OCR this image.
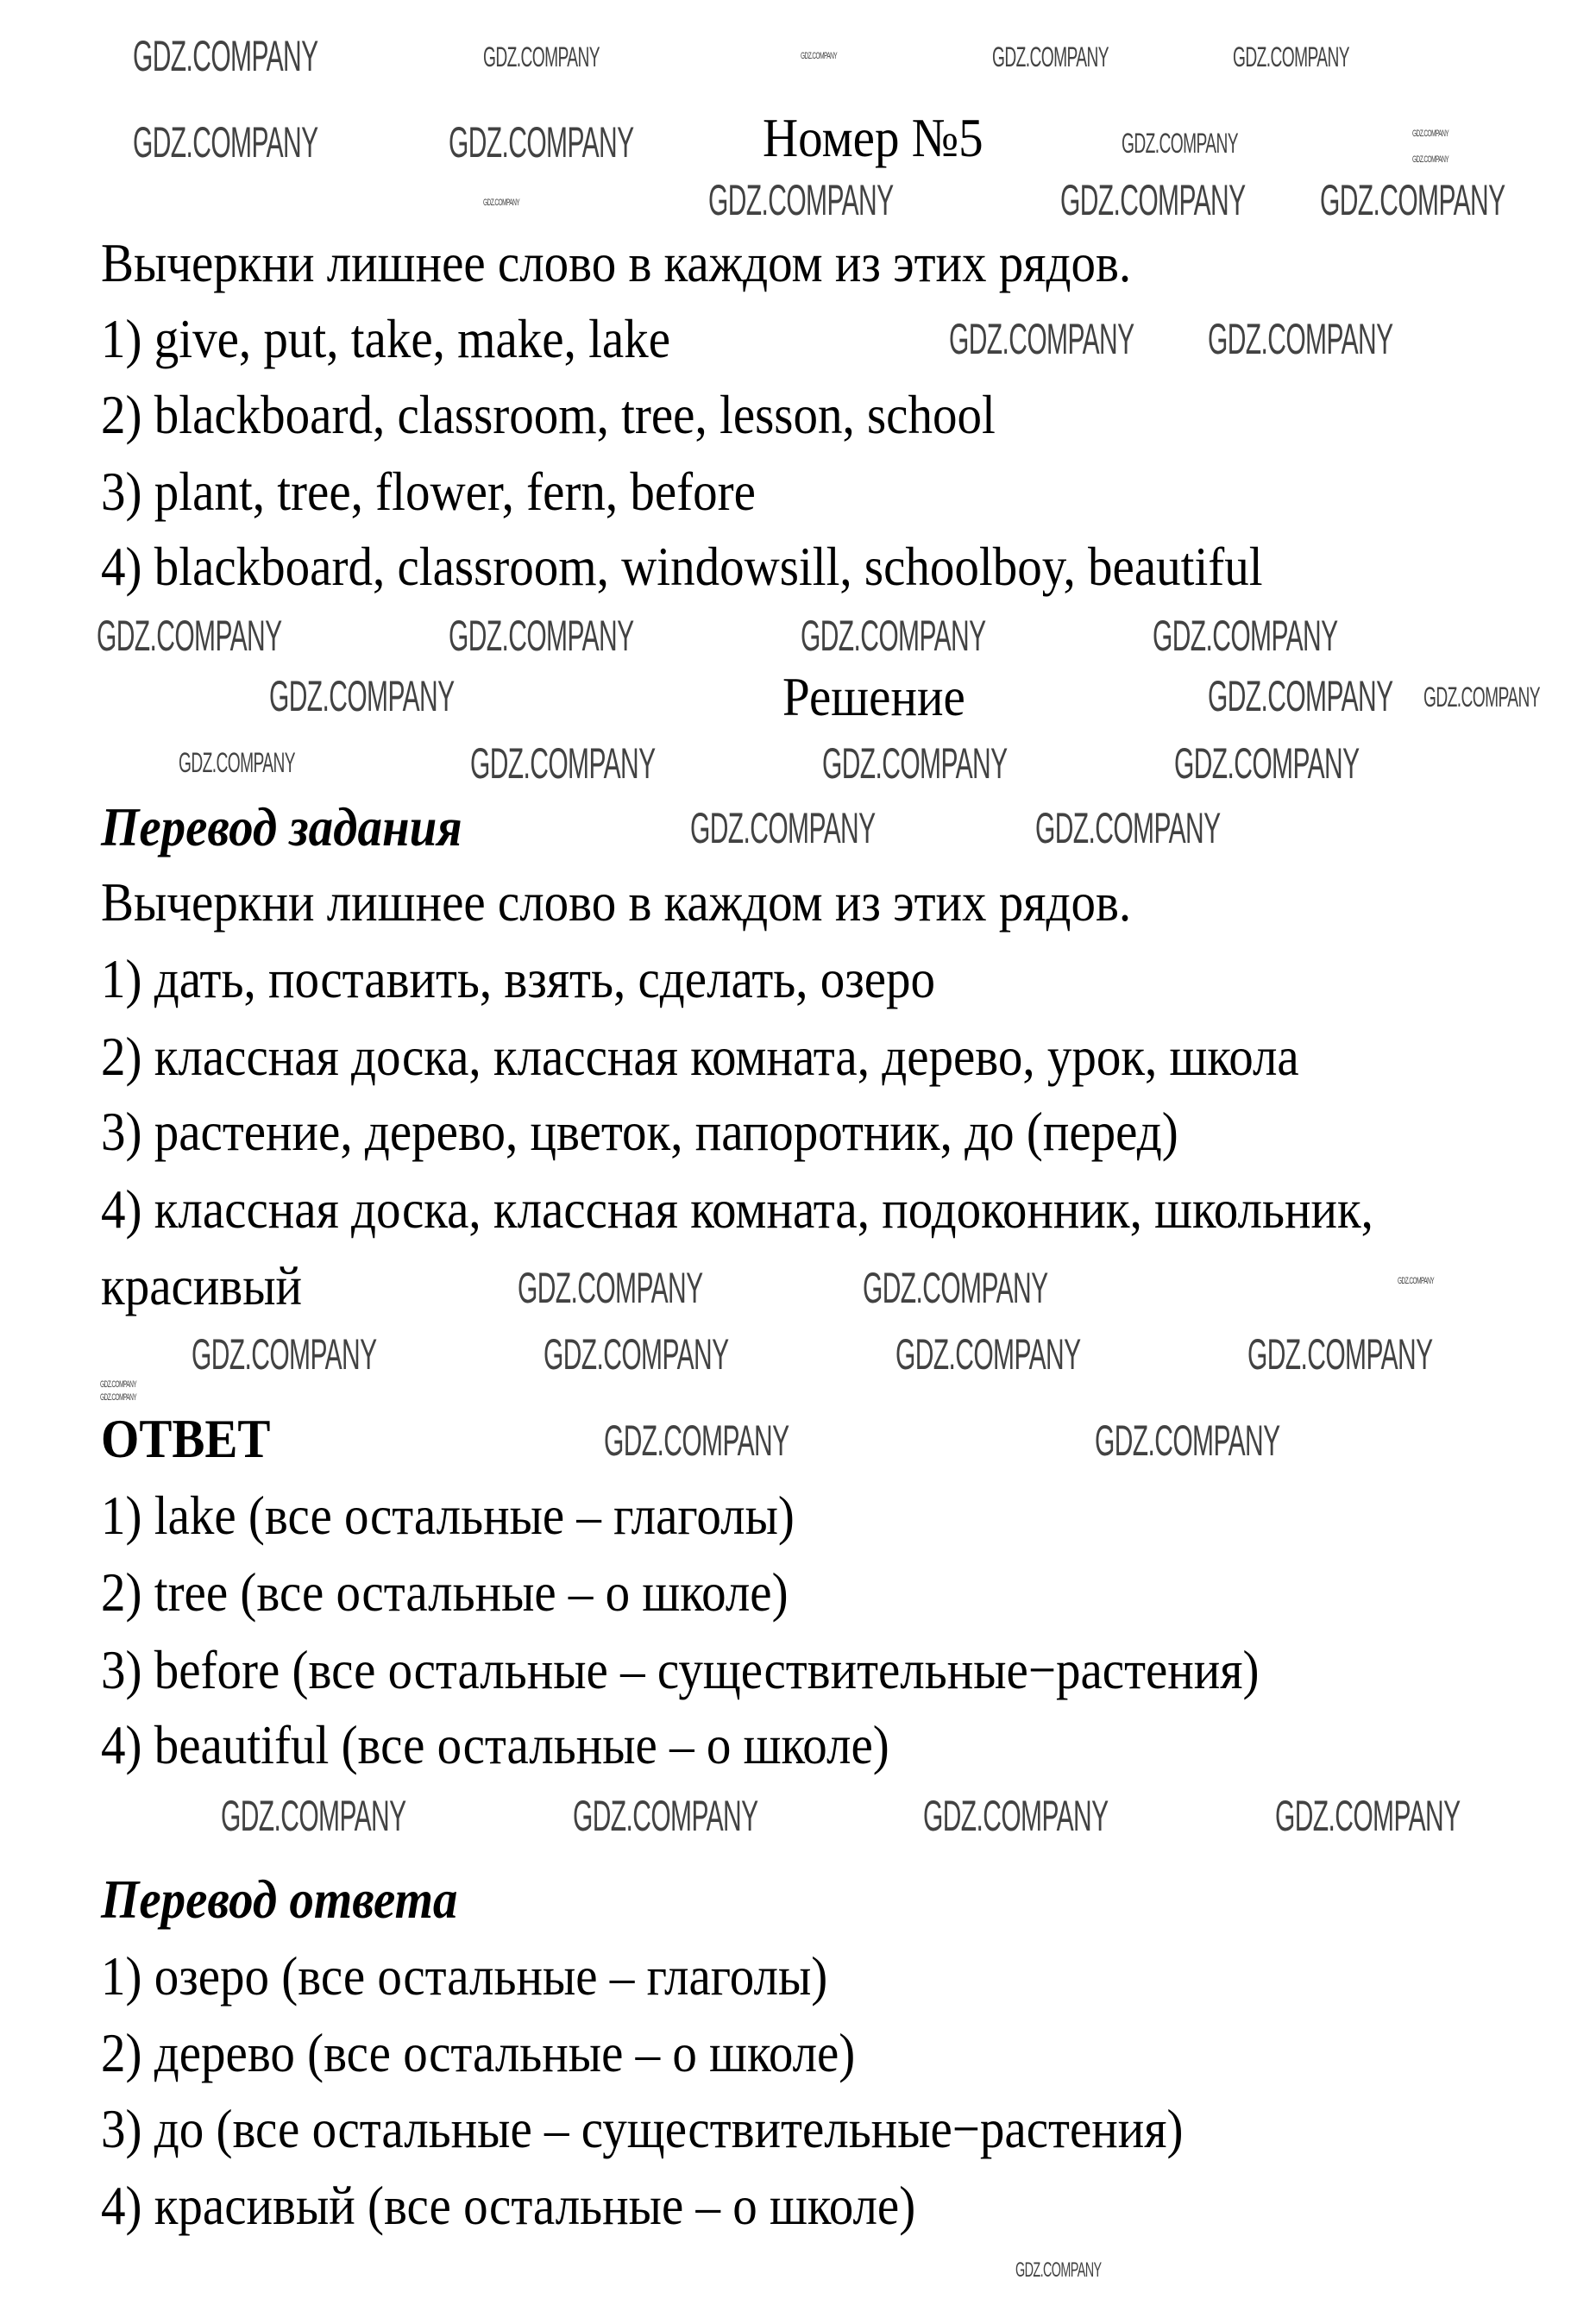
Номер №5
Вычеркни лишнее слово в каждом из этих рядов.
1) give, put, take, make, lake
2) blackboard, classroom, tree, lesson, school
3) plant, tree, flower, fern, before
4) blackboard, classroom, windowsill, schoolboy, beautiful
Решение
Перевод задания
Вычеркни лишнее слово в каждом из этих рядов.
1) дать, поставить, взять, сделать, озеро
2) классная доска, классная комната, дерево, урок, школа
3) растение, дерево, цветок, папоротник, до (перед)
4) классная доска, классная комната, подоконник, школьник,
красивый
ОТВЕТ
1) lake (все остальные – глаголы)
2) tree (все остальные – о школе)
3) before (все остальные – существительные−растения)
4) beautiful (все остальные – о школе)
Перевод ответа
1) озеро (все остальные – глаголы)
2) дерево (все остальные – о школе)
3) до (все остальные – существительные−растения)
4) красивый (все остальные – о школе)
GDZ.COMPANY	GDZ.COMPANY	GDZ.COMPANY	GDZ.COMPANY	GDZ.COMPANY
GDZ.COMPANY	GDZ.COMPANY	GDZ.COMPANY	GDZ.COMPANY
GDZ.COMPANY
GDZ.COMPANY	GDZ.COMPANY	GDZ.COMPANY GDZ.COMPANY
GDZ.COMPANY GDZ.COMPANY
GDZ.COMPANY	GDZ.COMPANY	GDZ.COMPANY	GDZ.COMPANY
GDZ.COMPANY	GDZ.COMPANY GDZ.COMPANY
GDZ.COMPANY	GDZ.COMPANY	GDZ.COMPANY	GDZ.COMPANY
GDZ.COMPANY	GDZ.COMPANY
GDZ.COMPANY	GDZ.COMPANY	GDZ.COMPANY
GDZ.COMPANY	GDZ.COMPANY	GDZ.COMPANY	GDZ.COMPANY
GDZ.COMPANY
GDZ.COMPANY
GDZ.COMPANY	GDZ.COMPANY
GDZ.COMPANY	GDZ.COMPANY	GDZ.COMPANY	GDZ.COMPANY
GDZ.COMPANY
